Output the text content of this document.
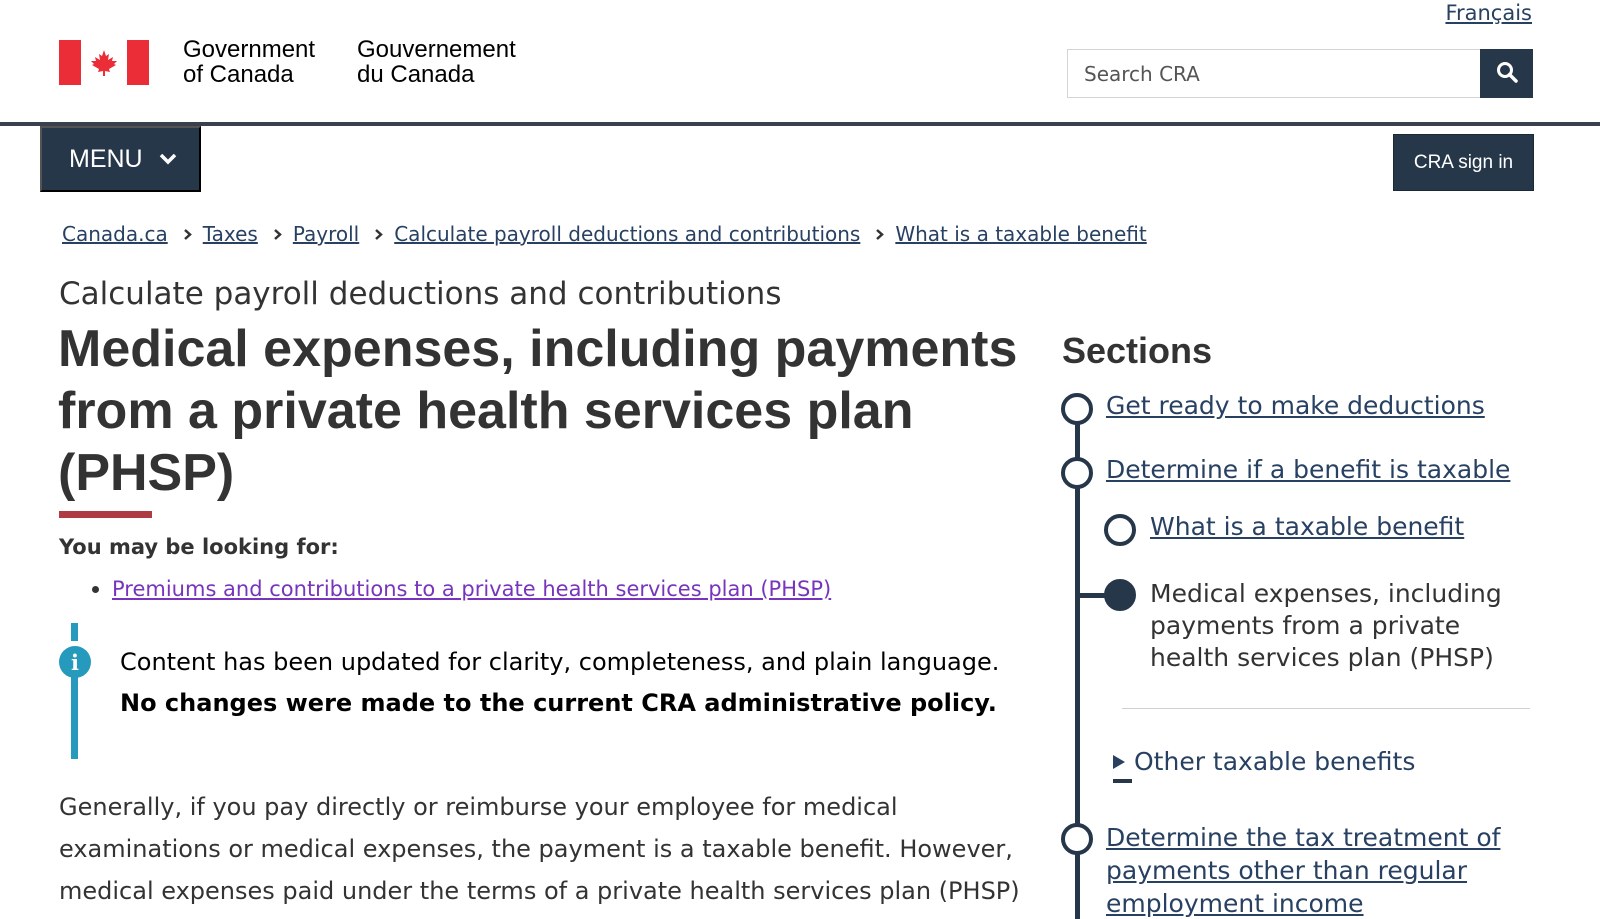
Français
Government
of Canada
Gouvernement
du Canada
Search CRA
MENU	CRA sign in
Canada.ca Taxes Payroll Calculate payroll deductions and contributions What is a taxable benefit
Calculate payroll deductions and contributions
Medical expenses, including payments from a private health services plan (PHSP)
You may be looking for:
Premiums and contributions to a private health services plan (PHSP)
i	Content has been updated for clarity, completeness, and plain language.
No changes were made to the current CRA administrative policy.

Generally, if you pay directly or reimburse your employee for medical examinations or medical expenses, the payment is a taxable benefit. However, medical expenses paid under the terms of a private health services plan (PHSP)

Sections
Get ready to make deductions
Determine if a benefit is taxable
What is a taxable benefit
Medical expenses, including payments from a private health services plan (PHSP)
Other taxable benefits
Determine the tax treatment of payments other than regular employment income
